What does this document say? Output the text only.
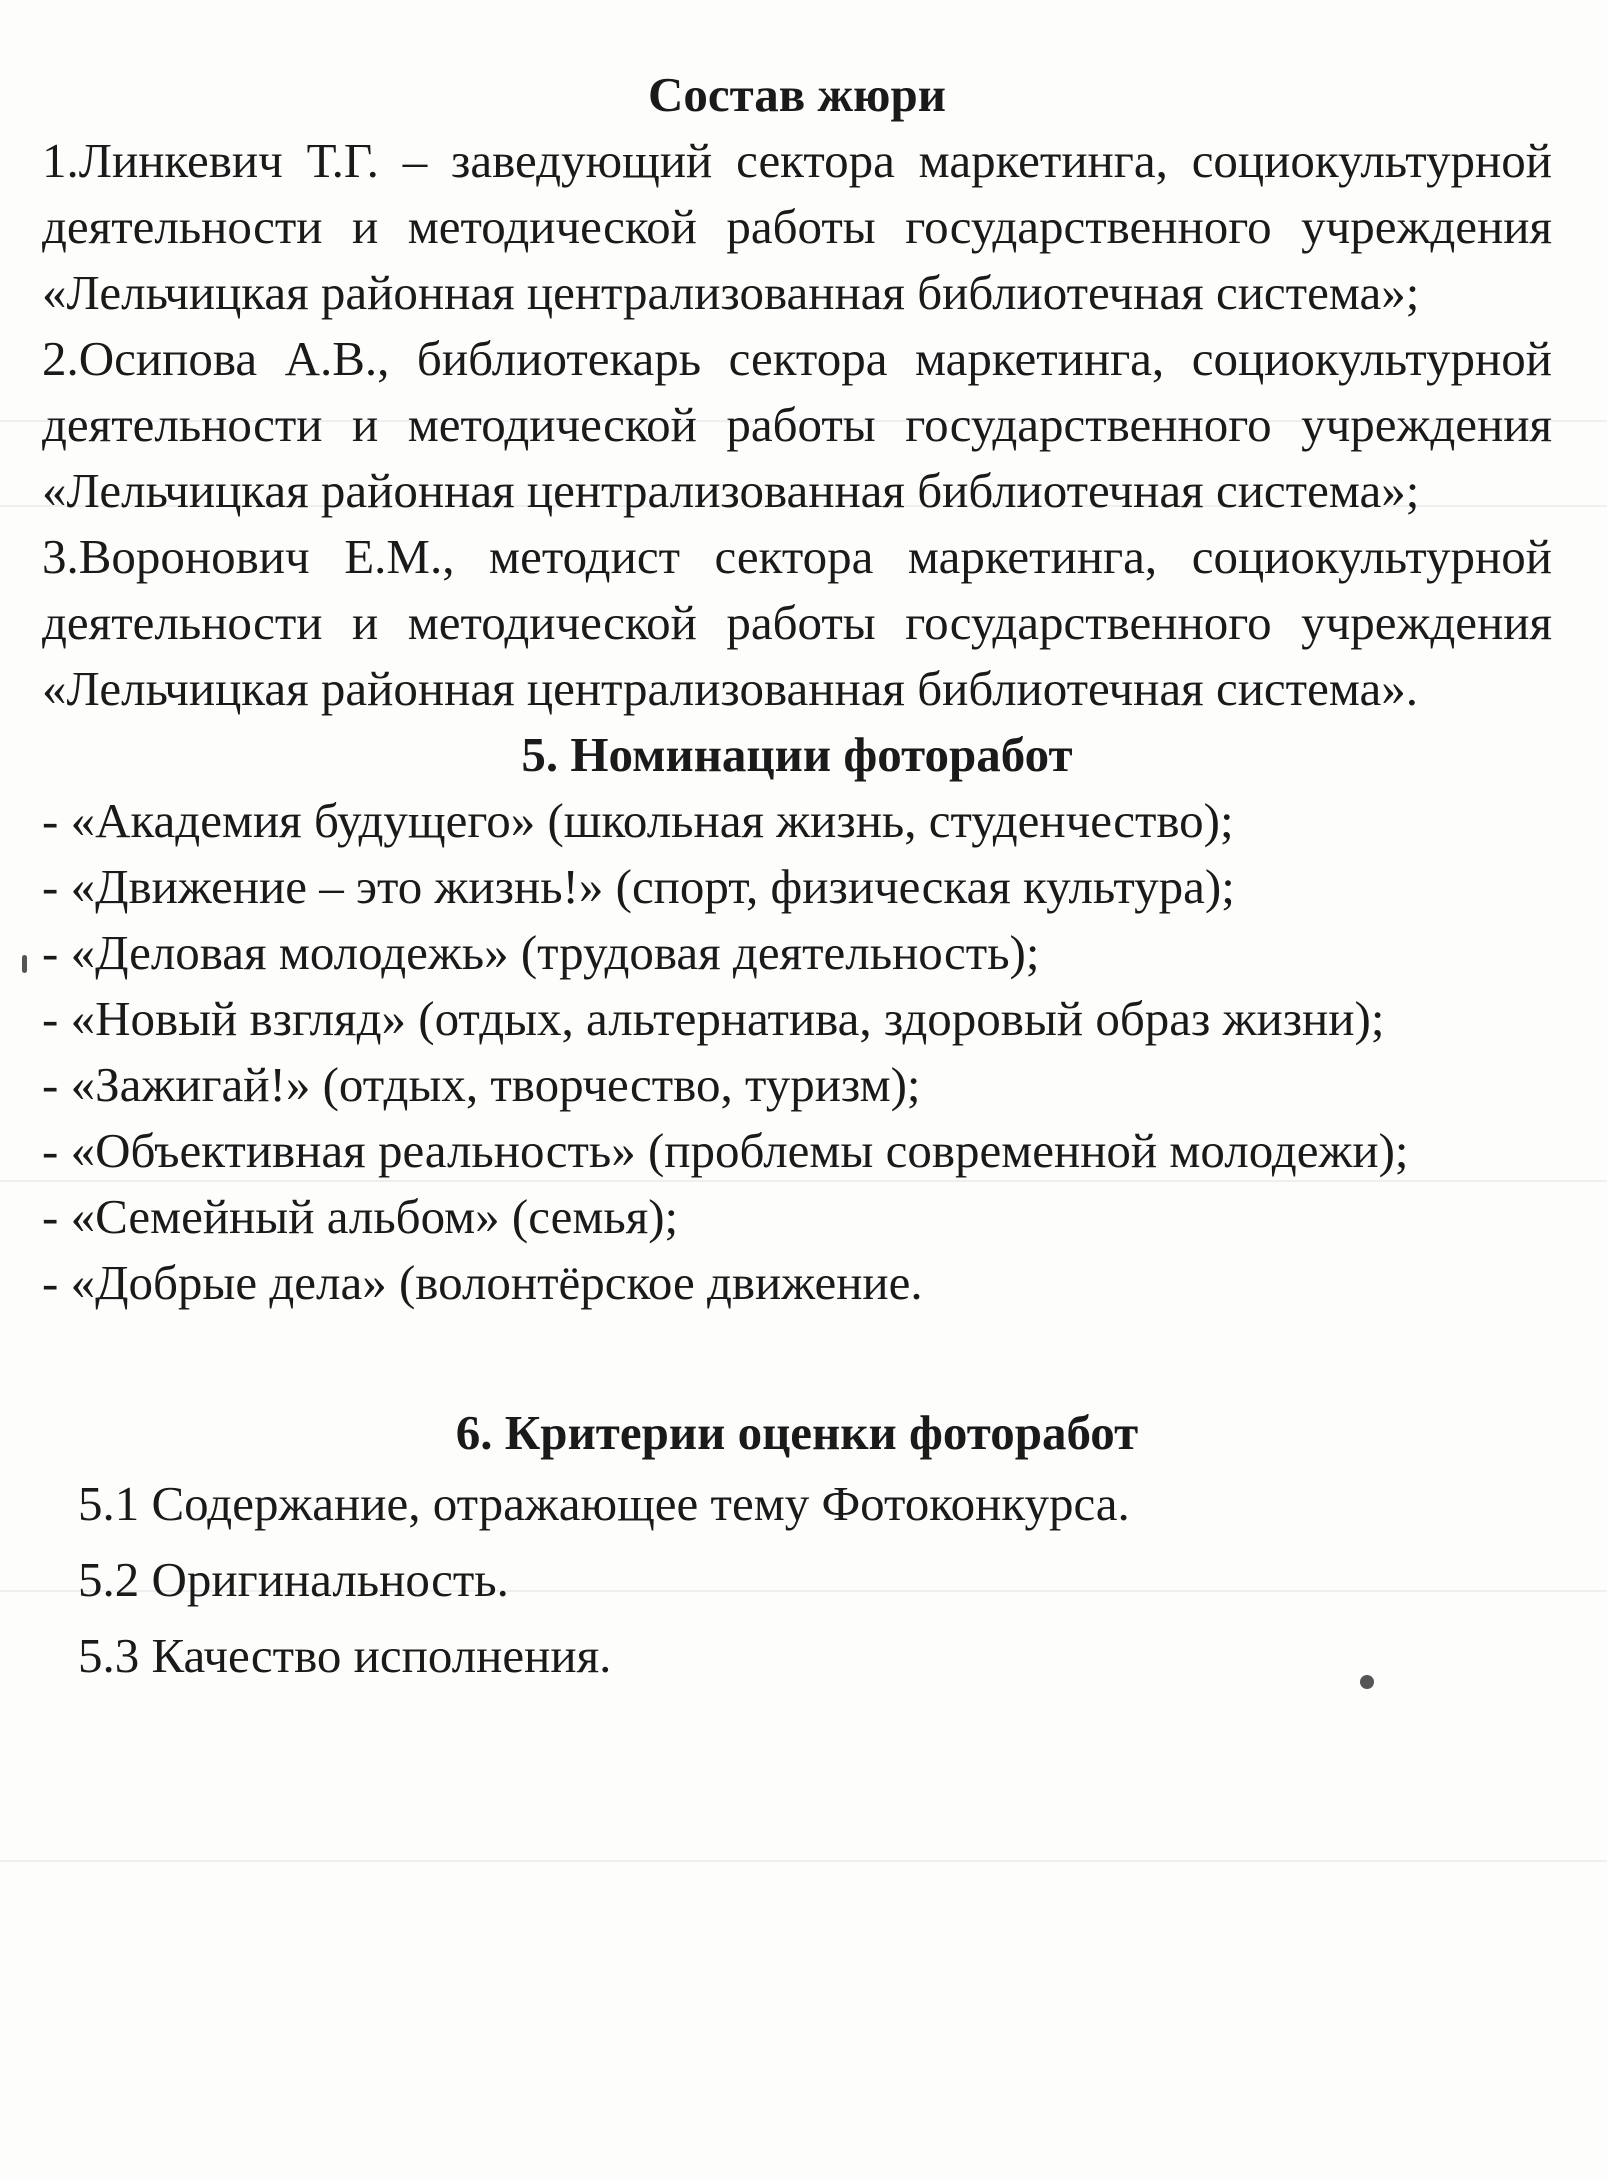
Состав жюри
1.Линкевич Т.Г. – заведующий сектора маркетинга, социокультурной деятельности и методической работы государственного учреждения «Лельчицкая районная централизованная библиотечная система»;
2.Осипова А.В., библиотекарь сектора маркетинга, социокультурной деятельности и методической работы государственного учреждения «Лельчицкая районная централизованная библиотечная система»;
3.Воронович Е.М., методист сектора маркетинга, социокультурной деятельности и методической работы государственного учреждения «Лельчицкая районная централизованная библиотечная система».
5. Номинации фоторабот
- «Академия будущего» (школьная жизнь, студенчество);
- «Движение – это жизнь!» (спорт, физическая культура);
- «Деловая молодежь» (трудовая деятельность);
- «Новый взгляд» (отдых, альтернатива, здоровый образ жизни);
- «Зажигай!» (отдых, творчество, туризм);
- «Объективная реальность» (проблемы современной молодежи);
- «Семейный альбом» (семья);
- «Добрые дела» (волонтёрское движение.
6. Критерии оценки фоторабот
5.1 Содержание, отражающее тему Фотоконкурса.
5.2 Оригинальность.
5.3 Качество исполнения.
